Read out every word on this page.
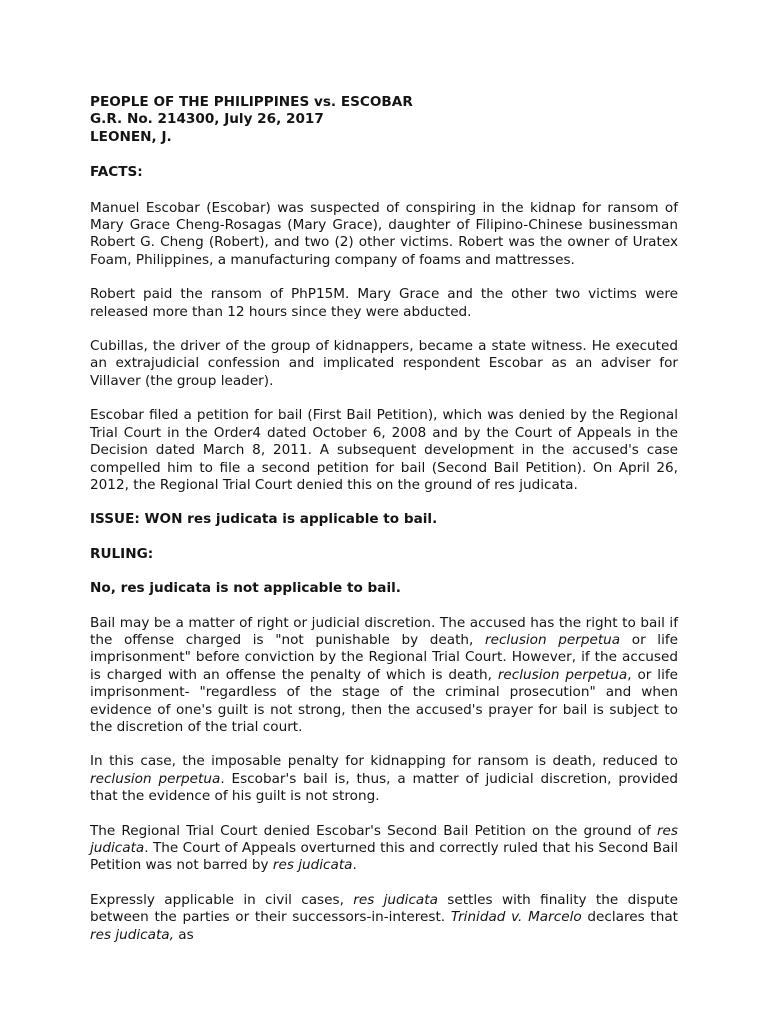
PEOPLE OF THE PHILIPPINES vs. ESCOBAR

G.R. No. 214300, July 26, 2017

LEONEN, J.

FACTS:

Manuel Escobar (Escobar) was suspected of conspiring in the kidnap for ransom of Mary Grace Cheng-Rosagas (Mary Grace), daughter of Filipino-Chinese businessman Robert G. Cheng (Robert), and two (2) other victims. Robert was the owner of Uratex Foam, Philippines, a manufacturing company of foams and mattresses.

Robert paid the ransom of PhP15M. Mary Grace and the other two victims were released more than 12 hours since they were abducted.

Cubillas, the driver of the group of kidnappers, became a state witness. He executed an extrajudicial confession and implicated respondent Escobar as an adviser for Villaver (the group leader).

Escobar filed a petition for bail (First Bail Petition), which was denied by the Regional Trial Court in the Order4 dated October 6, 2008 and by the Court of Appeals in the Decision dated March 8, 2011. A subsequent development in the accused's case compelled him to file a second petition for bail (Second Bail Petition). On April 26, 2012, the Regional Trial Court denied this on the ground of res judicata.

ISSUE: WON res judicata is applicable to bail.

RULING:

No, res judicata is not applicable to bail.

Bail may be a matter of right or judicial discretion. The accused has the right to bail if the offense charged is "not punishable by death, reclusion perpetua or life imprisonment" before conviction by the Regional Trial Court. However, if the accused is charged with an offense the penalty of which is death, reclusion perpetua, or life imprisonment- "regardless of the stage of the criminal prosecution" and when evidence of one's guilt is not strong, then the accused's prayer for bail is subject to the discretion of the trial court.

In this case, the imposable penalty for kidnapping for ransom is death, reduced to reclusion perpetua. Escobar's bail is, thus, a matter of judicial discretion, provided that the evidence of his guilt is not strong.

The Regional Trial Court denied Escobar's Second Bail Petition on the ground of res judicata. The Court of Appeals overturned this and correctly ruled that his Second Bail Petition was not barred by res judicata.

Expressly applicable in civil cases, res judicata settles with finality the dispute between the parties or their successors-in-interest. Trinidad v. Marcelo declares that res judicata, as
